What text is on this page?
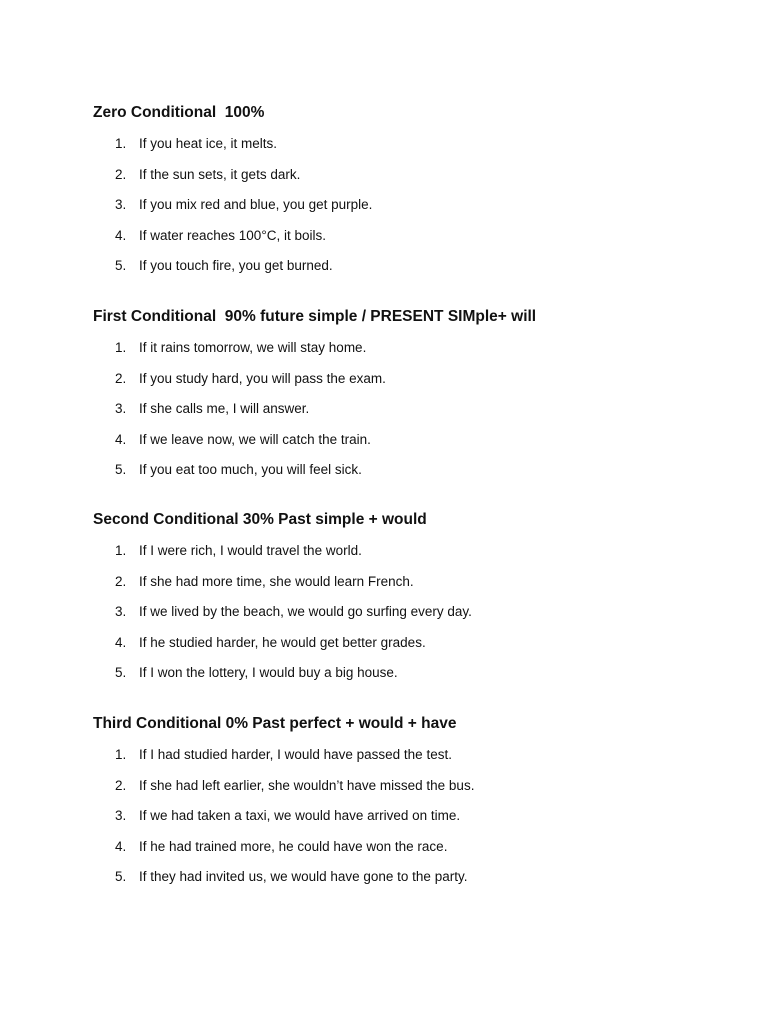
Zero Conditional  100%
1. If you heat ice, it melts.
2. If the sun sets, it gets dark.
3. If you mix red and blue, you get purple.
4. If water reaches 100°C, it boils.
5. If you touch fire, you get burned.
First Conditional  90% future simple / PRESENT SIMple+ will
1. If it rains tomorrow, we will stay home.
2. If you study hard, you will pass the exam.
3. If she calls me, I will answer.
4. If we leave now, we will catch the train.
5. If you eat too much, you will feel sick.
Second Conditional 30% Past simple + would
1. If I were rich, I would travel the world.
2. If she had more time, she would learn French.
3. If we lived by the beach, we would go surfing every day.
4. If he studied harder, he would get better grades.
5. If I won the lottery, I would buy a big house.
Third Conditional 0% Past perfect + would + have
1. If I had studied harder, I would have passed the test.
2. If she had left earlier, she wouldn’t have missed the bus.
3. If we had taken a taxi, we would have arrived on time.
4. If he had trained more, he could have won the race.
5. If they had invited us, we would have gone to the party.
